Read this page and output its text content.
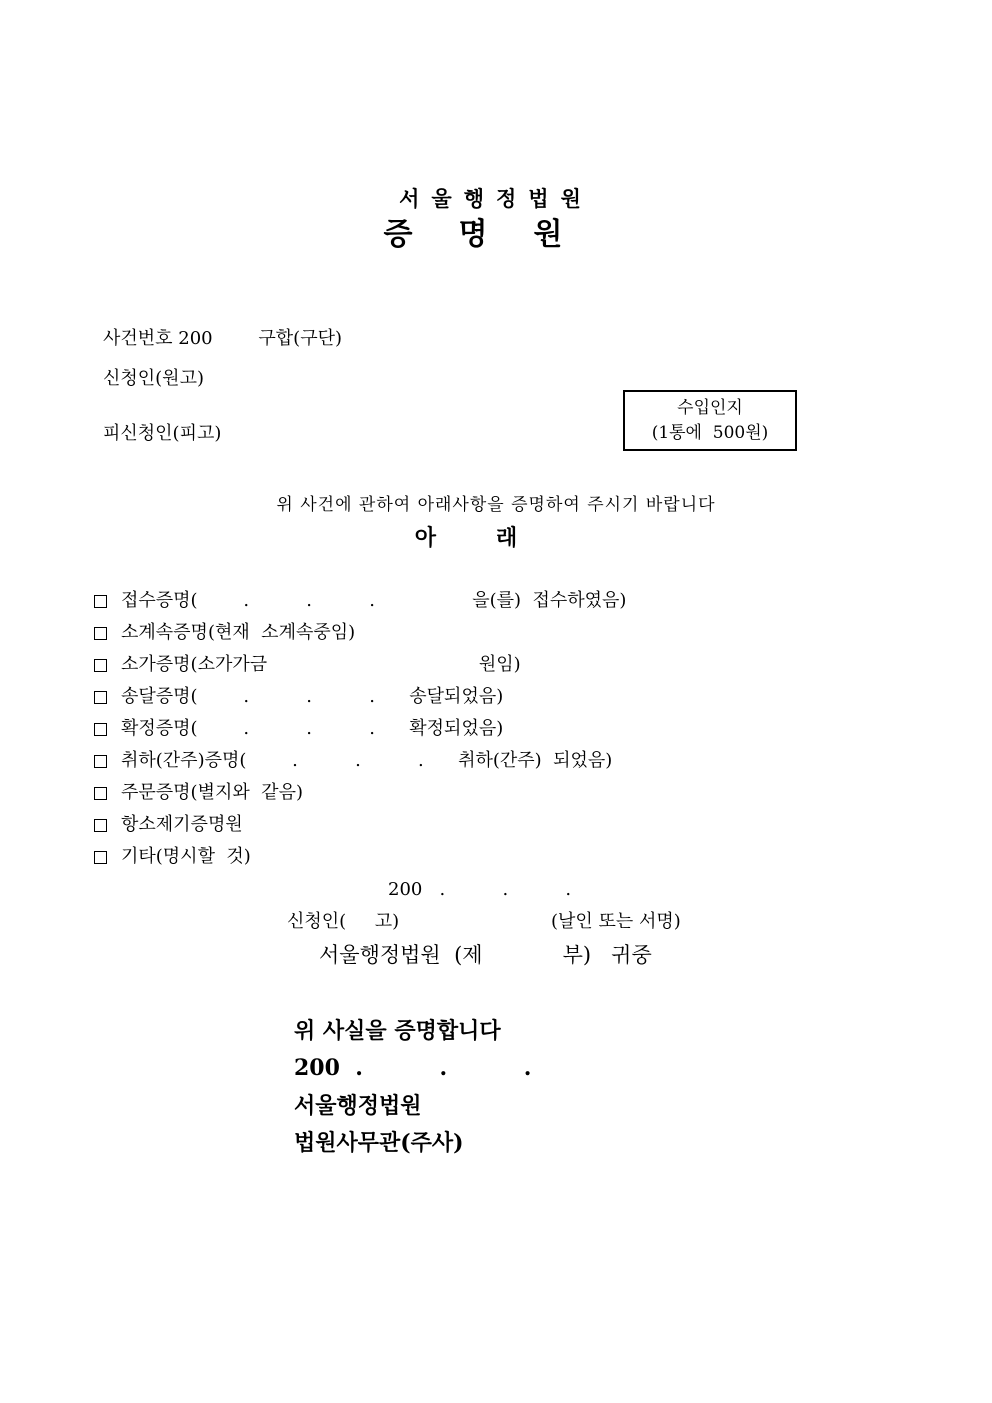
서울행정법원
증명원
사건번호 200        구합(구단)
신청인(원고)
피신청인(피고)
수입인지
(1통에  500원)
위 사건에 관하여 아래사항을 증명하여 주시기 바랍니다
아래
접수증명(        .          .          .                 을(를)  접수하였음)
소계속증명(현재  소계속중임)
소가증명(소가가금                                     원임)
송달증명(        .          .          .      송달되었음)
확정증명(        .          .          .      확정되었음)
취하(간주)증명(        .          .          .      취하(간주)  되었음)
주문증명(별지와  같음)
항소제기증명원
기타(명시할  것)
200   .          .          .
신청인(     고)	(날인 또는 서명)
서울행정법원  (제            부)   귀중
위 사실을 증명합니다
200  .          .          .
서울행정법원
법원사무관(주사)
